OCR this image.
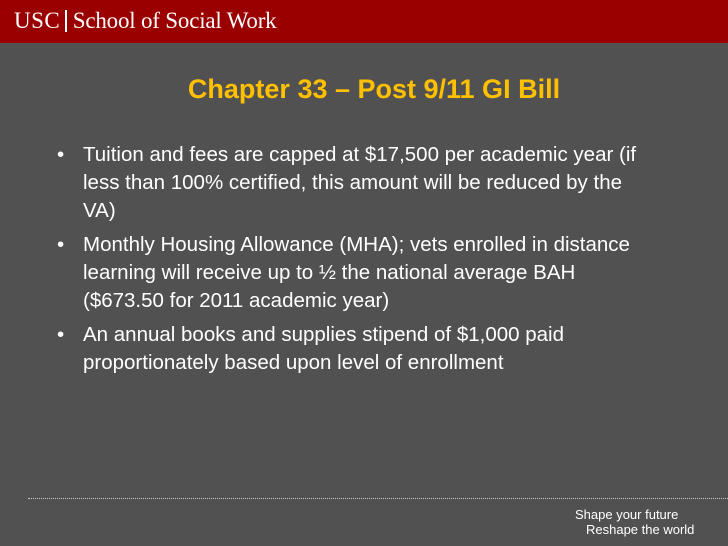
USC School of Social Work
Chapter 33 – Post 9/11 GI Bill
• Tuition and fees are capped at $17,500 per academic year (if less than 100% certified, this amount will be reduced by the VA)
• Monthly Housing Allowance (MHA); vets enrolled in distance learning will receive up to ½ the national average BAH ($673.50 for 2011 academic year)
• An annual books and supplies stipend of $1,000 paid proportionately based upon level of enrollment
Shape your future
Reshape the world
